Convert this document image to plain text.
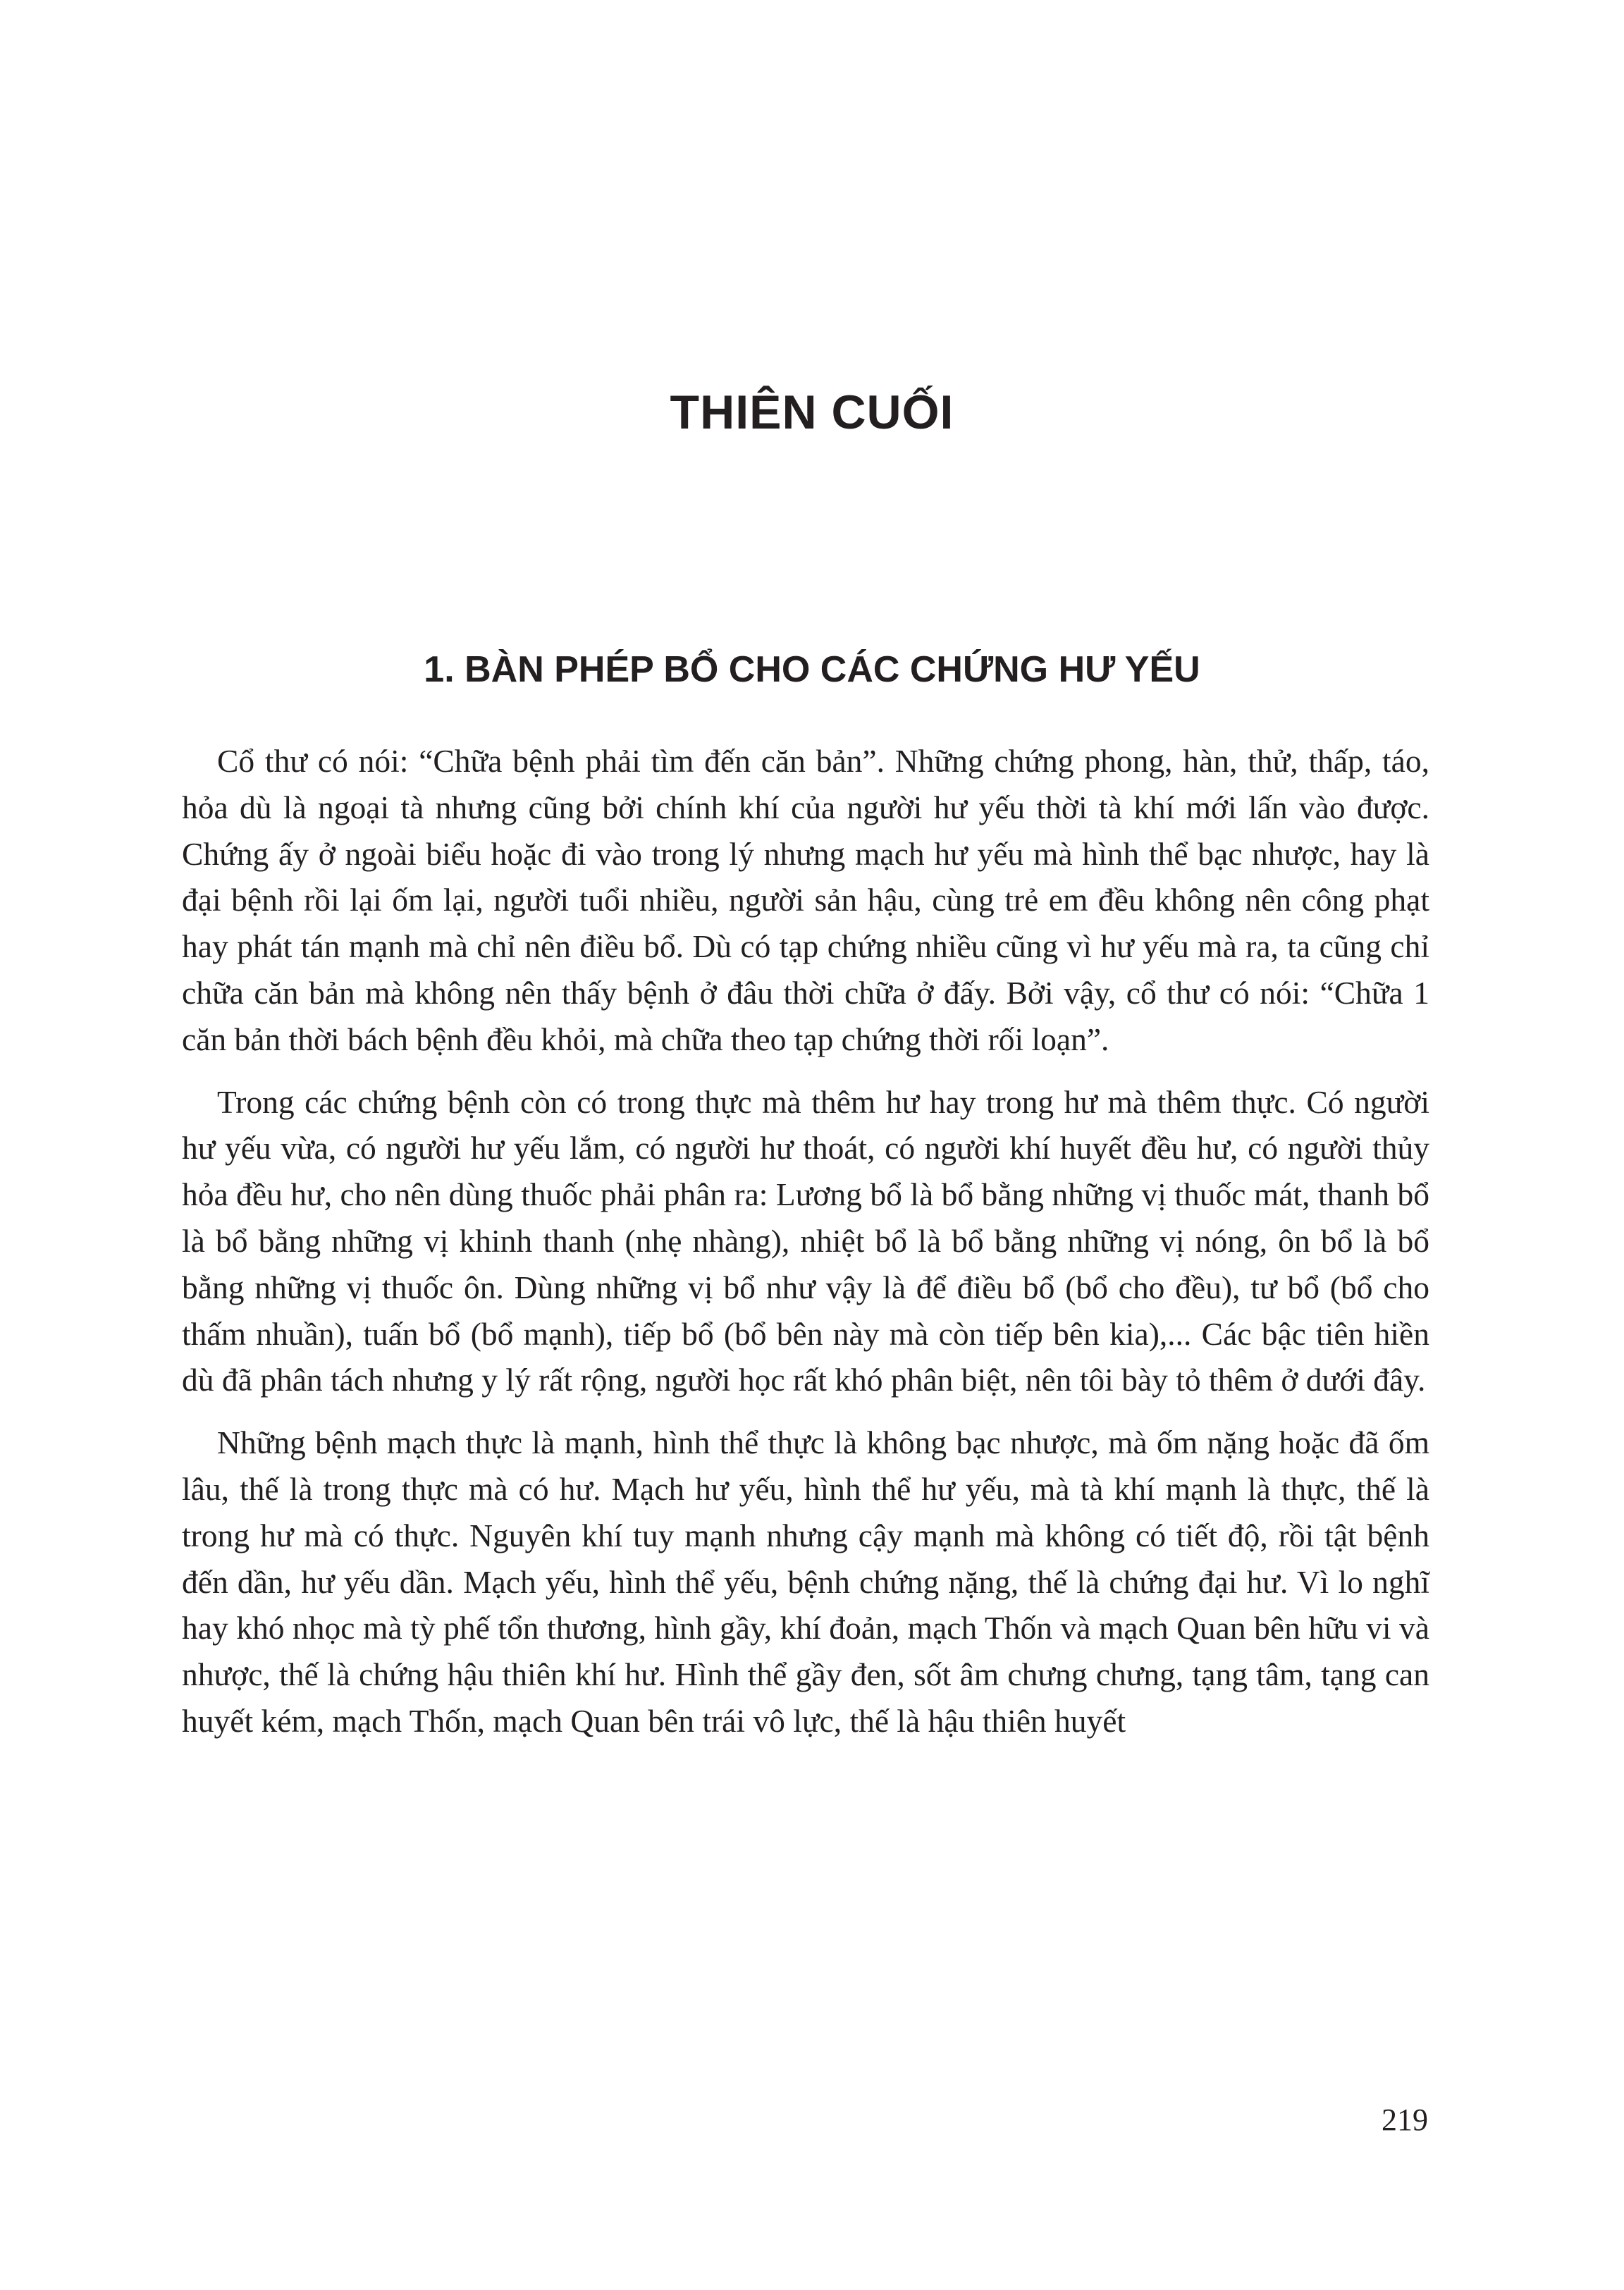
THIÊN CUỐI
1. BÀN PHÉP BỔ CHO CÁC CHỨNG HƯ YẾU

Cổ thư có nói: “Chữa bệnh phải tìm đến căn bản”. Những chứng phong, hàn, thử, thấp, táo, hỏa dù là ngoại tà nhưng cũng bởi chính khí của người hư yếu thời tà khí mới lấn vào được. Chứng ấy ở ngoài biểu hoặc đi vào trong lý nhưng mạch hư yếu mà hình thể bạc nhược, hay là đại bệnh rồi lại ốm lại, người tuổi nhiều, người sản hậu, cùng trẻ em đều không nên công phạt hay phát tán mạnh mà chỉ nên điều bổ. Dù có tạp chứng nhiều cũng vì hư yếu mà ra, ta cũng chỉ chữa căn bản mà không nên thấy bệnh ở đâu thời chữa ở đấy. Bởi vậy, cổ thư có nói: “Chữa 1 căn bản thời bách bệnh đều khỏi, mà chữa theo tạp chứng thời rối loạn”.

Trong các chứng bệnh còn có trong thực mà thêm hư hay trong hư mà thêm thực. Có người hư yếu vừa, có người hư yếu lắm, có người hư thoát, có người khí huyết đều hư, có người thủy hỏa đều hư, cho nên dùng thuốc phải phân ra: Lương bổ là bổ bằng những vị thuốc mát, thanh bổ là bổ bằng những vị khinh thanh (nhẹ nhàng), nhiệt bổ là bổ bằng những vị nóng, ôn bổ là bổ bằng những vị thuốc ôn. Dùng những vị bổ như vậy là để điều bổ (bổ cho đều), tư bổ (bổ cho thấm nhuần), tuấn bổ (bổ mạnh), tiếp bổ (bổ bên này mà còn tiếp bên kia),... Các bậc tiên hiền dù đã phân tách nhưng y lý rất rộng, người học rất khó phân biệt, nên tôi bày tỏ thêm ở dưới đây.

Những bệnh mạch thực là mạnh, hình thể thực là không bạc nhược, mà ốm nặng hoặc đã ốm lâu, thế là trong thực mà có hư. Mạch hư yếu, hình thể hư yếu, mà tà khí mạnh là thực, thế là trong hư mà có thực. Nguyên khí tuy mạnh nhưng cậy mạnh mà không có tiết độ, rồi tật bệnh đến dần, hư yếu dần. Mạch yếu, hình thể yếu, bệnh chứng nặng, thế là chứng đại hư. Vì lo nghĩ hay khó nhọc mà tỳ phế tổn thương, hình gầy, khí đoản, mạch Thốn và mạch Quan bên hữu vi và nhược, thế là chứng hậu thiên khí hư. Hình thể gầy đen, sốt âm chưng chưng, tạng tâm, tạng can huyết kém, mạch Thốn, mạch Quan bên trái vô lực, thế là hậu thiên huyết

219
